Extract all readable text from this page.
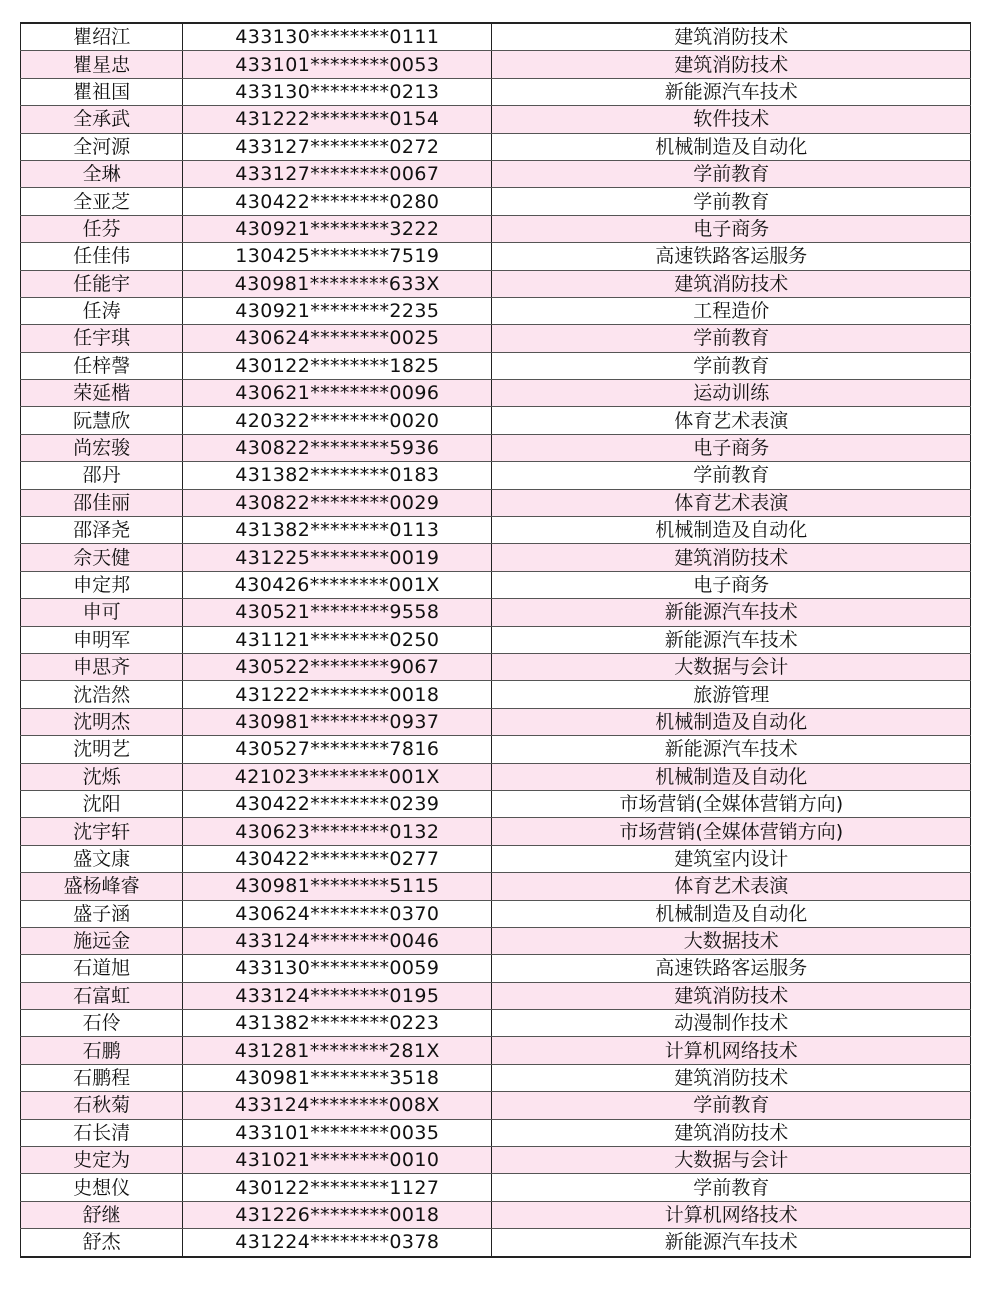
瞿绍江	433130********0111	建筑消防技术
瞿星忠	433101********0053	建筑消防技术
瞿祖国	433130********0213	新能源汽车技术
全承武	431222********0154	软件技术
全河源	433127********0272	机械制造及自动化
全琳	433127********0067	学前教育
全亚芝	430422********0280	学前教育
任芬	430921********3222	电子商务
任佳伟	130425********7519	高速铁路客运服务
任能宇	430981********633X	建筑消防技术
任涛	430921********2235	工程造价
任宇琪	430624********0025	学前教育
任梓謦	430122********1825	学前教育
荣延楷	430621********0096	运动训练
阮慧欣	420322********0020	体育艺术表演
尚宏骏	430822********5936	电子商务
邵丹	431382********0183	学前教育
邵佳丽	430822********0029	体育艺术表演
邵泽尧	431382********0113	机械制造及自动化
佘天健	431225********0019	建筑消防技术
申定邦	430426********001X	电子商务
申可	430521********9558	新能源汽车技术
申明军	431121********0250	新能源汽车技术
申思齐	430522********9067	大数据与会计
沈浩然	431222********0018	旅游管理
沈明杰	430981********0937	机械制造及自动化
沈明艺	430527********7816	新能源汽车技术
沈烁	421023********001X	机械制造及自动化
沈阳	430422********0239	市场营销(全媒体营销方向)
沈宇轩	430623********0132	市场营销(全媒体营销方向)
盛文康	430422********0277	建筑室内设计
盛杨峰睿	430981********5115	体育艺术表演
盛子涵	430624********0370	机械制造及自动化
施远金	433124********0046	大数据技术
石道旭	433130********0059	高速铁路客运服务
石富虹	433124********0195	建筑消防技术
石伶	431382********0223	动漫制作技术
石鹏	431281********281X	计算机网络技术
石鹏程	430981********3518	建筑消防技术
石秋菊	433124********008X	学前教育
石长清	433101********0035	建筑消防技术
史定为	431021********0010	大数据与会计
史想仪	430122********1127	学前教育
舒继	431226********0018	计算机网络技术
舒杰	431224********0378	新能源汽车技术
